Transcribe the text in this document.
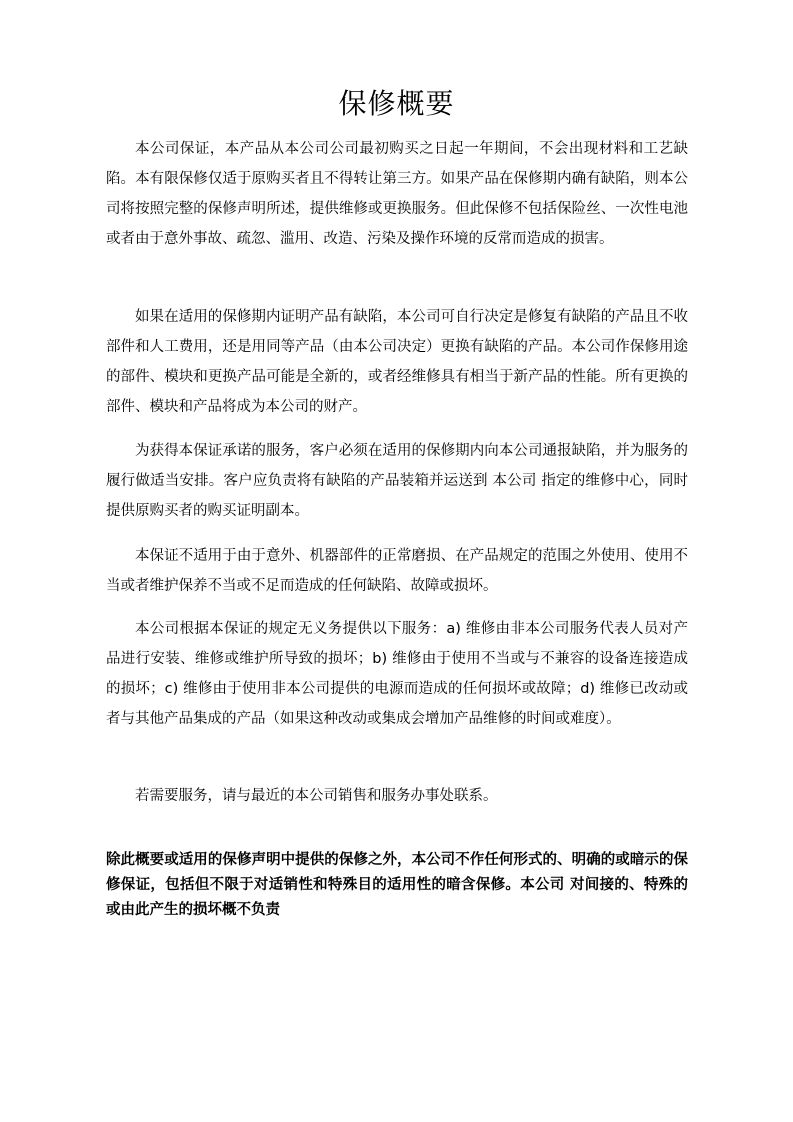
保修概要

本公司保证，本产品从本公司公司最初购买之日起一年期间，不会出现材料和工艺缺陷。本有限保修仅适于原购买者且不得转让第三方。如果产品在保修期内确有缺陷，则本公司将按照完整的保修声明所述，提供维修或更换服务。但此保修不包括保险丝、一次性电池或者由于意外事故、疏忽、滥用、改造、污染及操作环境的反常而造成的损害。

如果在适用的保修期内证明产品有缺陷，本公司可自行决定是修复有缺陷的产品且不收部件和人工费用，还是用同等产品（由本公司决定）更换有缺陷的产品。本公司作保修用途的部件、模块和更换产品可能是全新的，或者经维修具有相当于新产品的性能。所有更换的部件、模块和产品将成为本公司的财产。

为获得本保证承诺的服务，客户必须在适用的保修期内向本公司通报缺陷，并为服务的履行做适当安排。客户应负责将有缺陷的产品装箱并运送到 本公司 指定的维修中心，同时提供原购买者的购买证明副本。

本保证不适用于由于意外、机器部件的正常磨损、在产品规定的范围之外使用、使用不当或者维护保养不当或不足而造成的任何缺陷、故障或损坏。

本公司根据本保证的规定无义务提供以下服务：a) 维修由非本公司服务代表人员对产品进行安装、维修或维护所导致的损坏；b) 维修由于使用不当或与不兼容的设备连接造成的损坏；c) 维修由于使用非本公司提供的电源而造成的任何损坏或故障；d) 维修已改动或者与其他产品集成的产品（如果这种改动或集成会增加产品维修的时间或难度）。

若需要服务，请与最近的本公司销售和服务办事处联系。

除此概要或适用的保修声明中提供的保修之外，本公司不作任何形式的、明确的或暗示的保修保证，包括但不限于对适销性和特殊目的适用性的暗含保修。本公司 对间接的、特殊的或由此产生的损坏概不负责
